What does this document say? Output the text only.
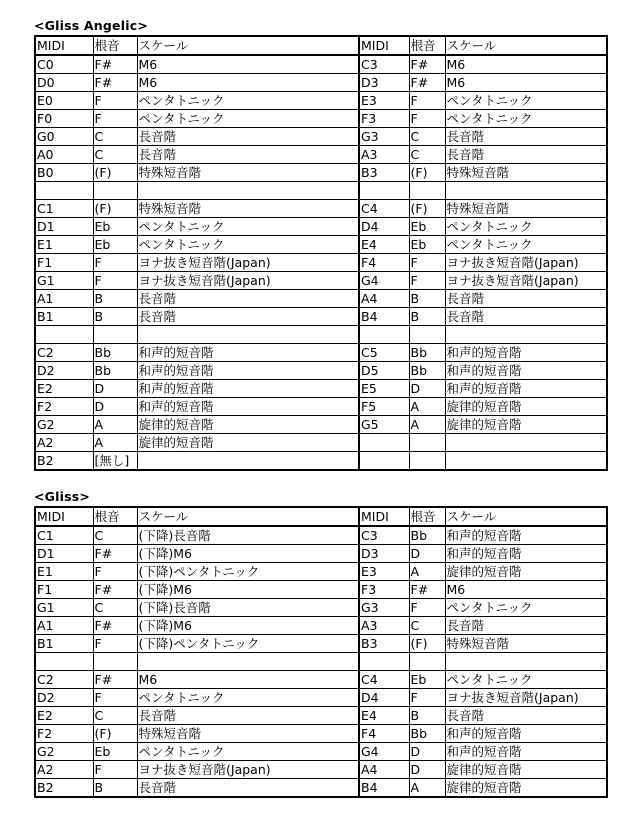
<Gliss Angelic>
MIDI	根音	スケール	MIDI	根音	スケール
C0	F#	M6	C3	F#	M6
D0	F#	M6	D3	F#	M6
E0	F	ペンタトニック	E3	F	ペンタトニック
F0	F	ペンタトニック	F3	F	ペンタトニック
G0	C	長音階	G3	C	長音階
A0	C	長音階	A3	C	長音階
B0	(F)	特殊短音階	B3	(F)	特殊短音階

C1	(F)	特殊短音階	C4	(F)	特殊短音階
D1	Eb	ペンタトニック	D4	Eb	ペンタトニック
E1	Eb	ペンタトニック	E4	Eb	ペンタトニック
F1	F	ヨナ抜き短音階(Japan)	F4	F	ヨナ抜き短音階(Japan)
G1	F	ヨナ抜き短音階(Japan)	G4	F	ヨナ抜き短音階(Japan)
A1	B	長音階	A4	B	長音階
B1	B	長音階	B4	B	長音階

C2	Bb	和声的短音階	C5	Bb	和声的短音階
D2	Bb	和声的短音階	D5	Bb	和声的短音階
E2	D	和声的短音階	E5	D	和声的短音階
F2	D	和声的短音階	F5	A	旋律的短音階
G2	A	旋律的短音階	G5	A	旋律的短音階
A2	A	旋律的短音階			
B2	[無し]				
<Gliss>
MIDI	根音	スケール	MIDI	根音	スケール
C1	C	(下降)長音階	C3	Bb	和声的短音階
D1	F#	(下降)M6	D3	D	和声的短音階
E1	F	(下降)ペンタトニック	E3	A	旋律的短音階
F1	F#	(下降)M6	F3	F#	M6
G1	C	(下降)長音階	G3	F	ペンタトニック
A1	F#	(下降)M6	A3	C	長音階
B1	F	(下降)ペンタトニック	B3	(F)	特殊短音階

C2	F#	M6	C4	Eb	ペンタトニック
D2	F	ペンタトニック	D4	F	ヨナ抜き短音階(Japan)
E2	C	長音階	E4	B	長音階
F2	(F)	特殊短音階	F4	Bb	和声的短音階
G2	Eb	ペンタトニック	G4	D	和声的短音階
A2	F	ヨナ抜き短音階(Japan)	A4	D	旋律的短音階
B2	B	長音階	B4	A	旋律的短音階
